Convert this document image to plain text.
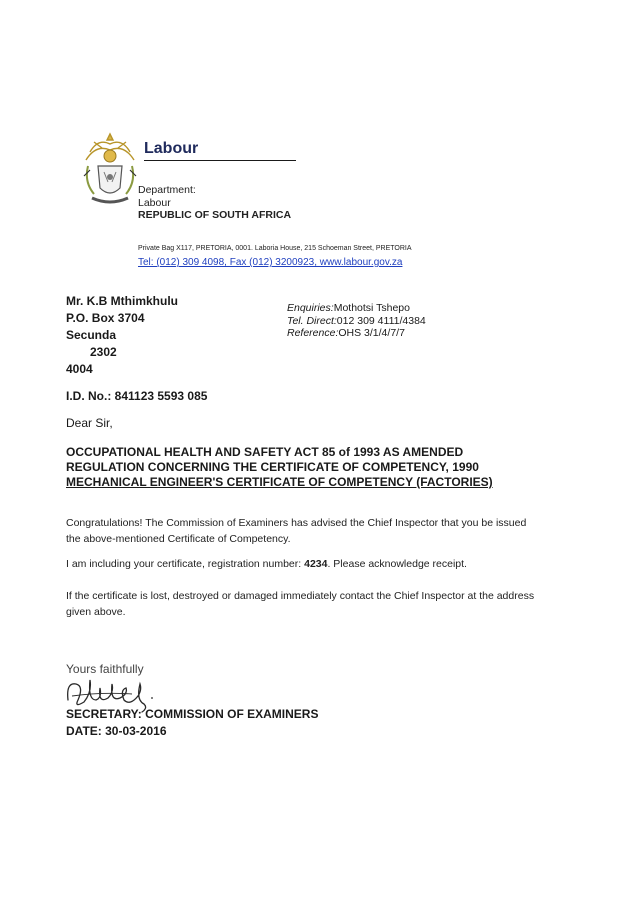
Labour
Department:
Labour
REPUBLIC OF SOUTH AFRICA
Private Bag X117, PRETORIA, 0001. Laboria House, 215 Schoeman Street, PRETORIA
Tel: (012) 309 4098, Fax (012) 3200923, www.labour.gov.za
Mr. K.B Mthimkhulu
P.O. Box 3704
Secunda
2302
4004
Enquiries:Mothotsi Tshepo
Tel. Direct:012 309 4111/4384
Reference:OHS 3/1/4/7/7
I.D. No.: 841123 5593 085
Dear Sir,
OCCUPATIONAL HEALTH AND SAFETY ACT 85 of 1993 AS AMENDED
REGULATION CONCERNING THE CERTIFICATE OF COMPETENCY, 1990
MECHANICAL ENGINEER'S CERTIFICATE OF COMPETENCY (FACTORIES)
Congratulations! The Commission of Examiners has advised the Chief Inspector that you be issued the above-mentioned Certificate of Competency.
I am including your certificate, registration number: 4234. Please acknowledge receipt.
If the certificate is lost, destroyed or damaged immediately contact the Chief Inspector at the address given above.
Yours faithfully
SECRETARY: COMMISSION OF EXAMINERS
DATE: 30-03-2016
